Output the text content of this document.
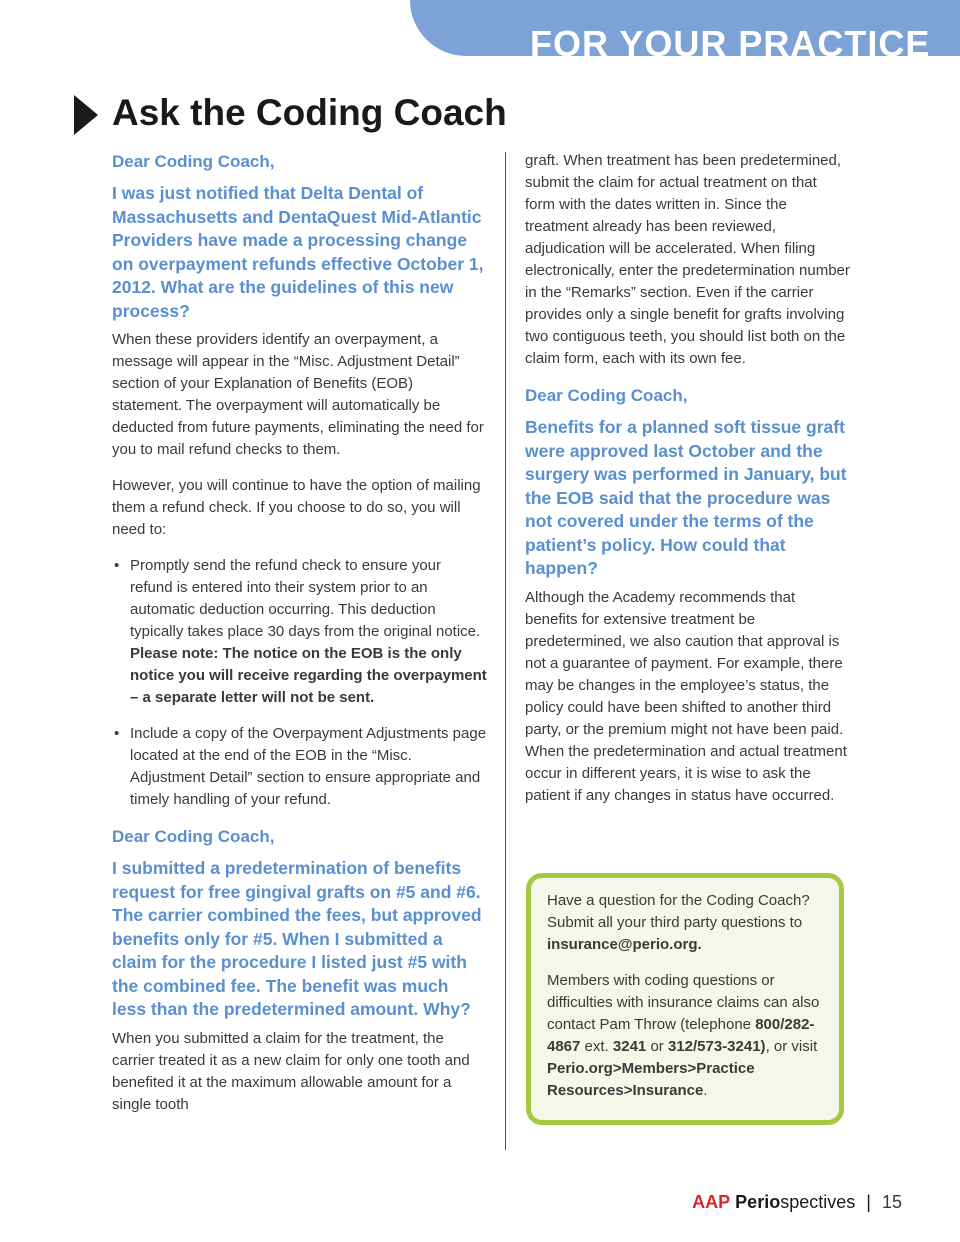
FOR YOUR PRACTICE
Ask the Coding Coach

Dear Coding Coach,

I was just notified that Delta Dental of Massachusetts and DentaQuest Mid-Atlantic Providers have made a processing change on overpayment refunds effective October 1, 2012. What are the guidelines of this new process?

When these providers identify an overpayment, a message will appear in the “Misc. Adjustment Detail” section of your Explanation of Benefits (EOB) statement. The overpayment will automatically be deducted from future payments, eliminating the need for you to mail refund checks to them.

However, you will continue to have the option of mailing them a refund check. If you choose to do so, you will need to:

• Promptly send the refund check to ensure your refund is entered into their system prior to an automatic deduction occurring. This deduction typically takes place 30 days from the original notice. Please note: The notice on the EOB is the only notice you will receive regarding the overpayment – a separate letter will not be sent.
• Include a copy of the Overpayment Adjustments page located at the end of the EOB in the “Misc. Adjustment Detail” section to ensure appropriate and timely handling of your refund.

Dear Coding Coach,

I submitted a predetermination of benefits request for free gingival grafts on #5 and #6. The carrier combined the fees, but approved benefits only for #5. When I submitted a claim for the procedure I listed just #5 with the combined fee. The benefit was much less than the predetermined amount. Why?

When you submitted a claim for the treatment, the carrier treated it as a new claim for only one tooth and benefited it at the maximum allowable amount for a single tooth

graft. When treatment has been predetermined, submit the claim for actual treatment on that form with the dates written in. Since the treatment already has been reviewed, adjudication will be accelerated. When filing electronically, enter the predetermination number in the “Remarks” section. Even if the carrier provides only a single benefit for grafts involving two contiguous teeth, you should list both on the claim form, each with its own fee.

Dear Coding Coach,

Benefits for a planned soft tissue graft were approved last October and the surgery was performed in January, but the EOB said that the procedure was not covered under the terms of the patient’s policy. How could that happen?

Although the Academy recommends that benefits for extensive treatment be predetermined, we also caution that approval is not a guarantee of payment. For example, there may be changes in the employee’s status, the policy could have been shifted to another third party, or the premium might not have been paid. When the predetermination and actual treatment occur in different years, it is wise to ask the patient if any changes in status have occurred.

Have a question for the Coding Coach? Submit all your third party questions to insurance@perio.org.

Members with coding questions or difficulties with insurance claims can also contact Pam Throw (telephone 800/282-4867 ext. 3241 or 312/573-3241), or visit Perio.org>Members>Practice Resources>Insurance.

AAP Periospectives | 15
